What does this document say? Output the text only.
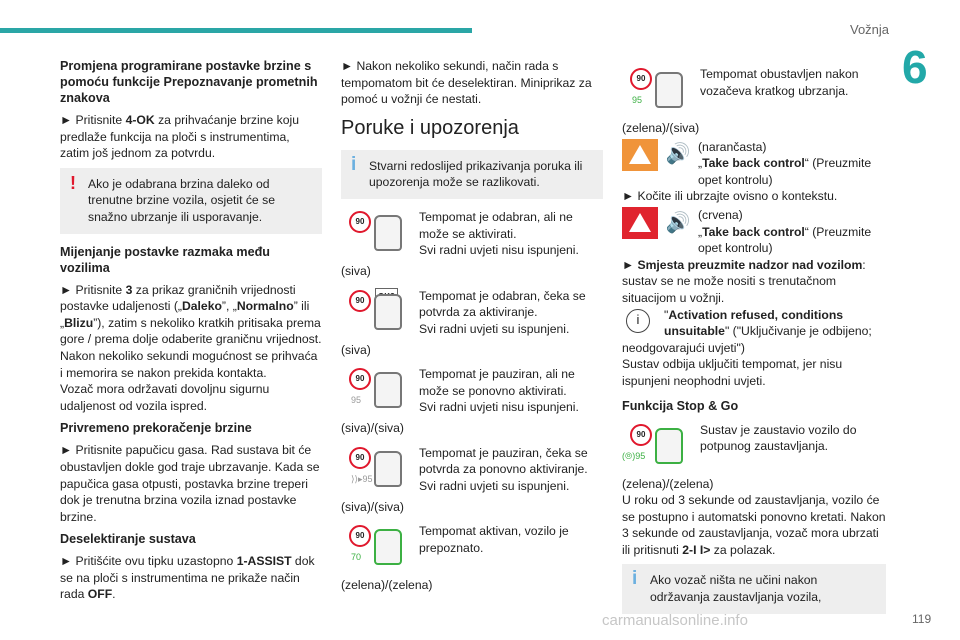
Vožnja
6
Promjena programirane postavke brzine s pomoću funkcije Prepoznavanje prometnih znakova

► Pritisnite 4-OK za prihvaćanje brzine koju predlaže funkcija na ploči s instrumentima, zatim još jednom za potvrdu.

! Ako je odabrana brzina daleko od trenutne brzine vozila, osjetit će se snažno ubrzanje ili usporavanje.
Mijenjanje postavke razmaka među vozilima

► Pritisnite 3 za prikaz graničnih vrijednosti postavke udaljenosti („Daleko”, „Normalno” ili „Blizu”), zatim s nekoliko kratkih pritisaka prema gore / prema dolje odaberite graničnu vrijednost. Nakon nekoliko sekundi mogućnost se prihvaća i memorira se nakon prekida kontakta.
Vozač mora održavati dovoljnu sigurnu udaljenost od vozila ispred.

Privremeno prekoračenje brzine

► Pritisnite papučicu gasa. Rad sustava bit će obustavljen dokle god traje ubrzavanje. Kada se papučica gasa otpusti, postavka brzine treperi dok je trenutna brzina vozila iznad postavke brzine.

Deselektiranje sustava

► Pritišćite ovu tipku uzastopno 1-ASSIST dok se na ploči s instrumentima ne prikaže način rada OFF.

► Nakon nekoliko sekundi, način rada s tempomatom bit će deselektiran. Miniprikaz za pomoć u vožnji će nestati.

Poruke i upozorenja
i Stvarni redoslijed prikazivanja poruka ili upozorenja može se razlikovati.
90	Tempomat je odabran, ali ne može se aktivirati.
Svi radni uvjeti nisu ispunjeni.

(siva)

90	Tempomat je odabran, čeka se potvrda za aktiviranje.
Svi radni uvjeti su ispunjeni.

(siva)

90
95
Tempomat je pauziran, ali ne može se ponovno aktivirati.
Svi radni uvjeti nisu ispunjeni.

(siva)/(siva)

90
⟩⟩▸95
Tempomat je pauziran, čeka se potvrda za ponovno aktiviranje.
Svi radni uvjeti su ispunjeni.

(siva)/(siva)

90
70
Tempomat aktivan, vozilo je prepoznato.

(zelena)/(zelena)

90
95
Tempomat obustavljen nakon vozačeva kratkog ubrzanja.

(zelena)/(siva)

🔊 (narančasta)
„Take back control“ (Preuzmite opet kontrolu)
► Kočite ili ubrzajte ovisno o kontekstu.
🔊 (crvena)
„Take back control“ (Preuzmite opet kontrolu)
► Smjesta preuzmite nadzor nad vozilom: sustav se ne može nositi s trenutačnom situacijom u vožnji.
i	"Activation refused, conditions unsuitable" ("Uključivanje je odbijeno; neodgovarajući uvjeti")
Sustav odbija uključiti tempomat, jer nisu ispunjeni neophodni uvjeti.
Funkcija Stop & Go
90
(⦾)95
Sustav je zaustavio vozilo do potpunog zaustavljanja.

(zelena)/(zelena)

U roku od 3 sekunde od zaustavljanja, vozilo će se postupno i automatski ponovno kretati. Nakon 3 sekunde od zaustavljanja, vozač mora ubrzati ili pritisnuti 2-I I> za polazak.

i Ako vozač ništa ne učini nakon održavanja zaustavljanja vozila,
carmanualsonline.info	119
